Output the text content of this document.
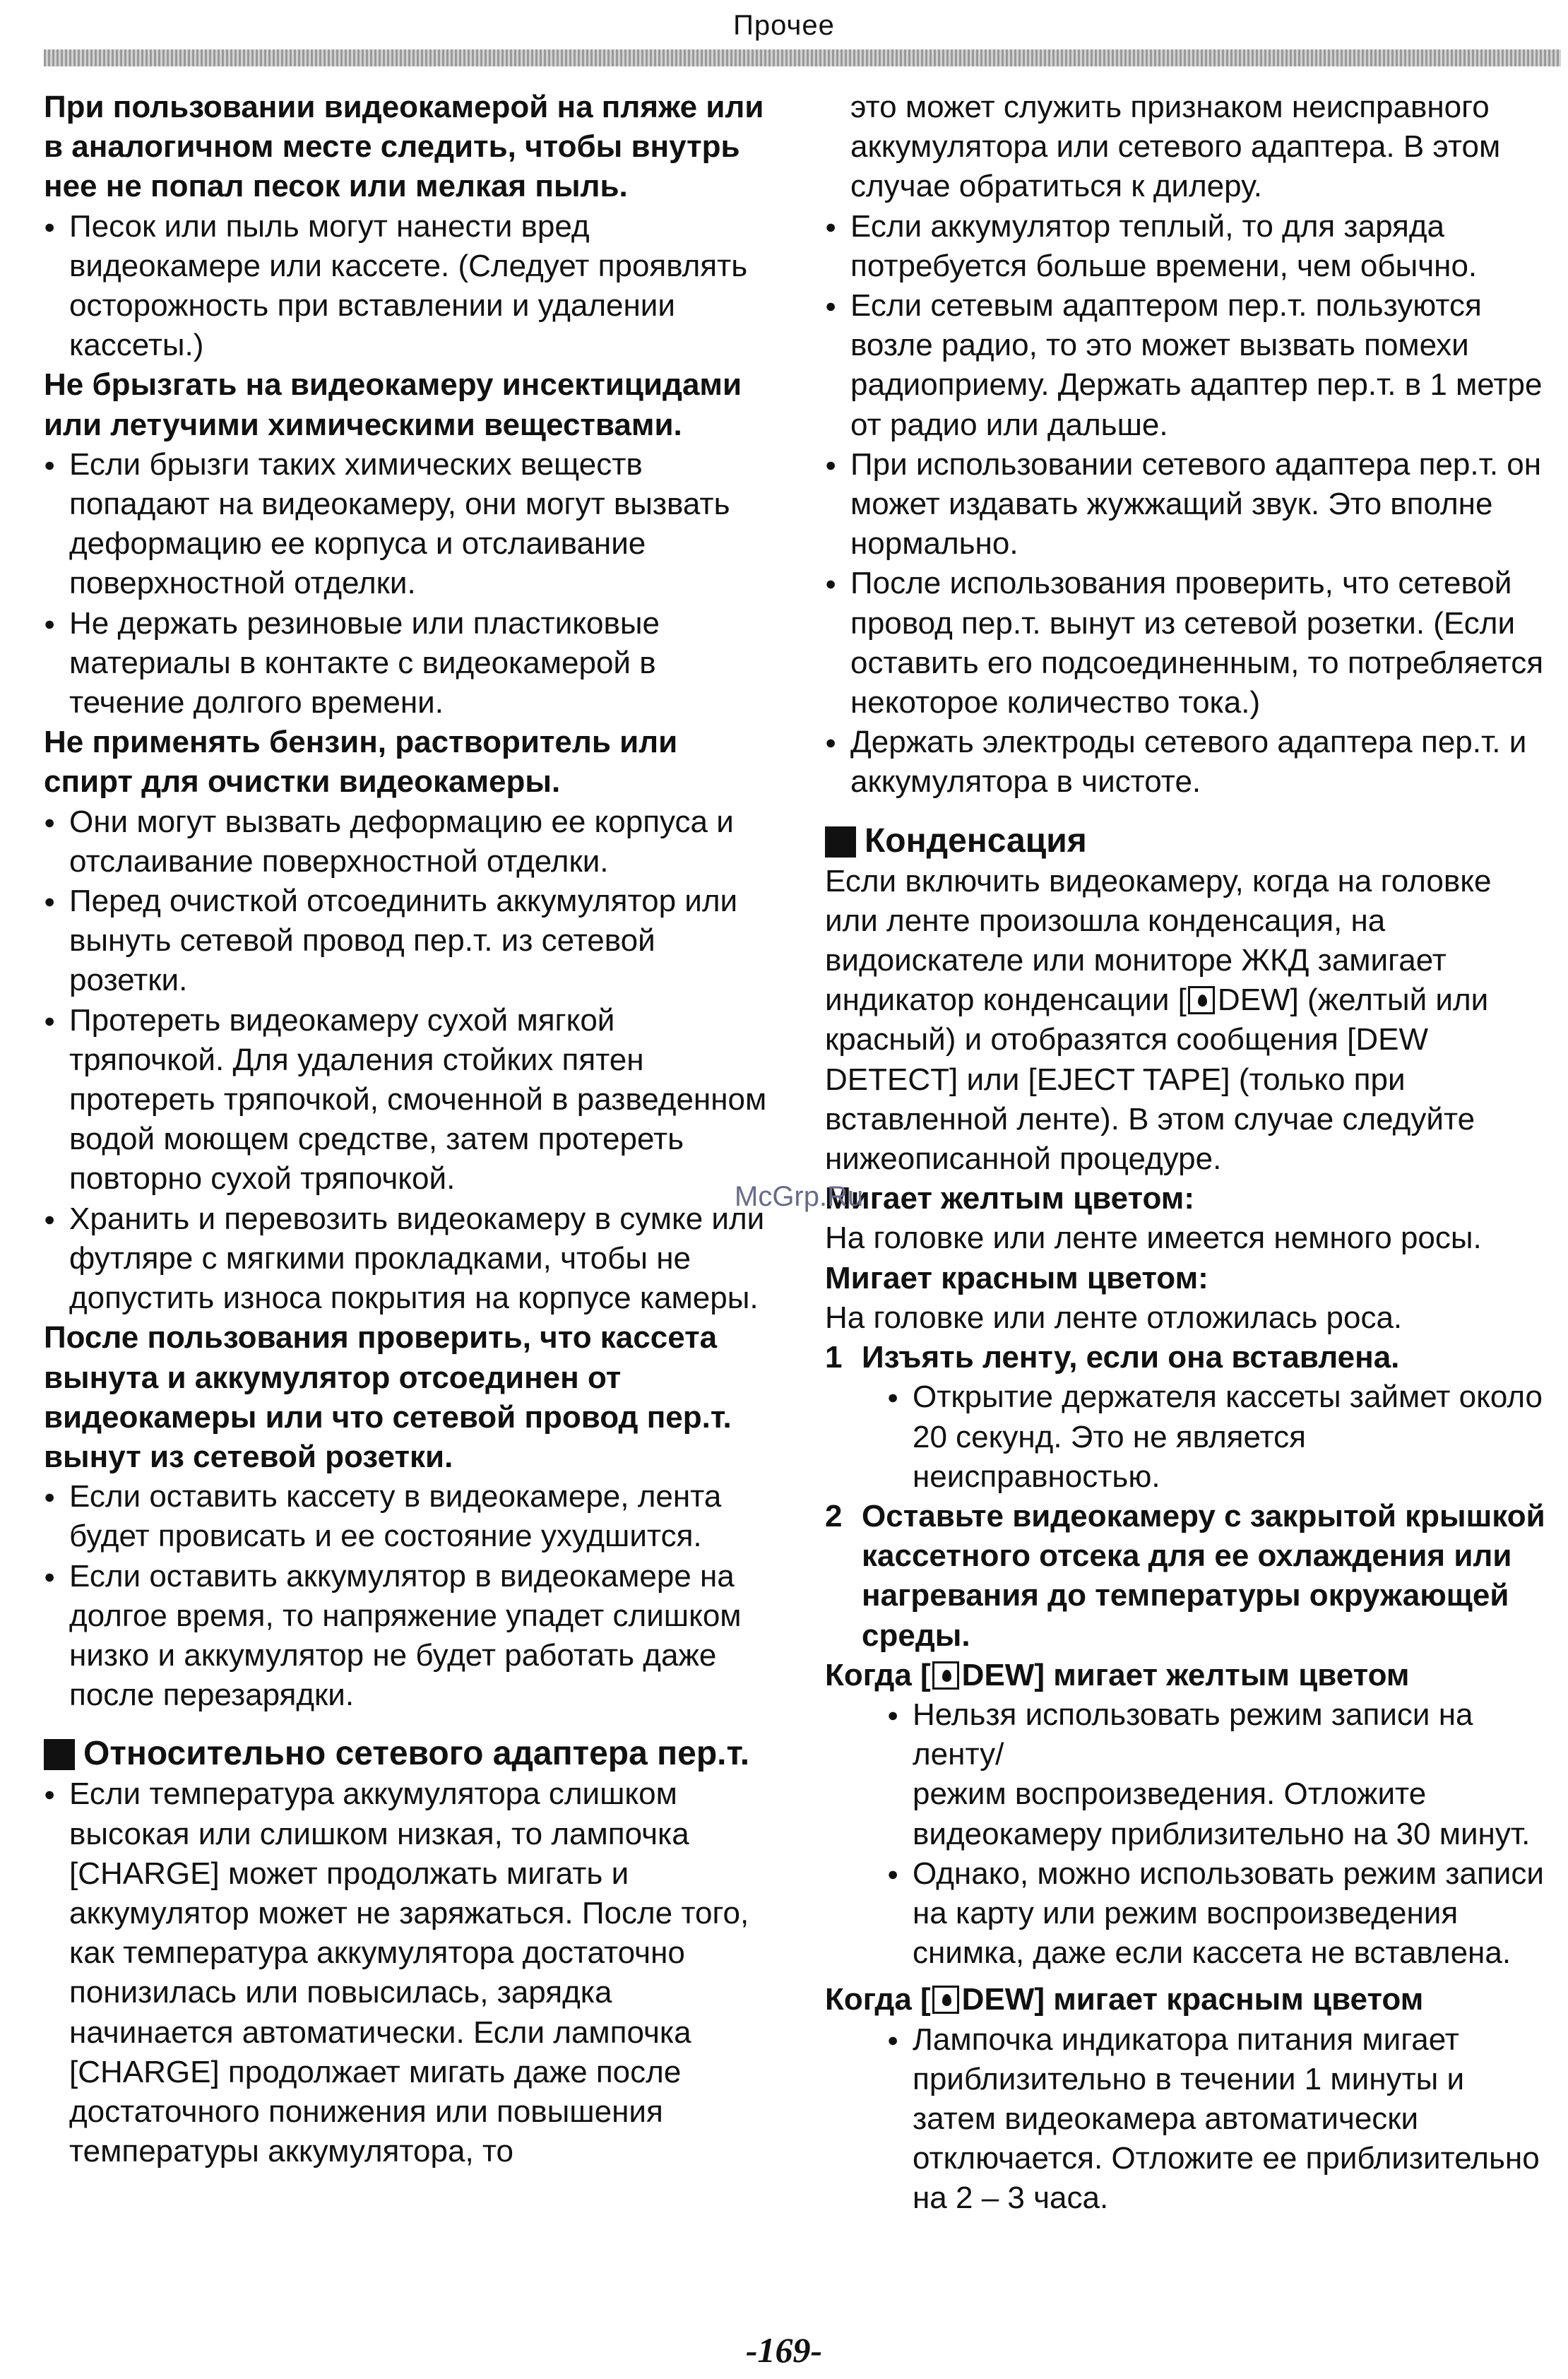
Прочее

При пользовании видеокамерой на пляже или в аналогичном месте следить, чтобы внутрь нее не попал песок или мелкая пыль.

● Песок или пыль могут нанести вред видеокамере или кассете. (Следует проявлять осторожность при вставлении и удалении кассеты.)

Не брызгать на видеокамеру инсектицидами или летучими химическими веществами.

● Если брызги таких химических веществ попадают на видеокамеру, они могут вызвать деформацию ее корпуса и отслаивание поверхностной отделки.

● Не держать резиновые или пластиковые материалы в контакте с видеокамерой в течение долгого времени.

Не применять бензин, растворитель или спирт для очистки видеокамеры.

● Они могут вызвать деформацию ее корпуса и отслаивание поверхностной отделки.

● Перед очисткой отсоединить аккумулятор или вынуть сетевой провод пер.т. из сетевой розетки.

● Протереть видеокамеру сухой мягкой тряпочкой. Для удаления стойких пятен протереть тряпочкой, смоченной в разведенном водой моющем средстве, затем протереть повторно сухой тряпочкой.

● Хранить и перевозить видеокамеру в сумке или футляре с мягкими прокладками, чтобы не допустить износа покрытия на корпусе камеры.

После пользования проверить, что кассета вынута и аккумулятор отсоединен от видеокамеры или что сетевой провод пер.т. вынут из сетевой розетки.

● Если оставить кассету в видеокамере, лента будет провисать и ее состояние ухудшится.

● Если оставить аккумулятор в видеокамере на долгое время, то напряжение упадет слишком низко и аккумулятор не будет работать даже после перезарядки.

Относительно сетевого адаптера пер.т.

● Если температура аккумулятора слишком высокая или слишком низкая, то лампочка [CHARGE] может продолжать мигать и аккумулятор может не заряжаться. После того, как температура аккумулятора достаточно понизилась или повысилась, зарядка начинается автоматически. Если лампочка [CHARGE] продолжает мигать даже после достаточного понижения или повышения температуры аккумулятора, то

это может служить признаком неисправного аккумулятора или сетевого адаптера. В этом случае обратиться к дилеру.

● Если аккумулятор теплый, то для заряда потребуется больше времени, чем обычно.

● Если сетевым адаптером пер.т. пользуются возле радио, то это может вызвать помехи радиоприему. Держать адаптер пер.т. в 1 метре от радио или дальше.

● При использовании сетевого адаптера пер.т. он может издавать жужжащий звук. Это вполне нормально.

● После использования проверить, что сетевой провод пер.т. вынут из сетевой розетки. (Если оставить его подсоединенным, то потребляется некоторое количество тока.)

● Держать электроды сетевого адаптера пер.т. и аккумулятора в чистоте.

Конденсация

Если включить видеокамеру, когда на головке или ленте произошла конденсация, на видоискателе или мониторе ЖКД замигает индикатор конденсации [ DEW] (желтый или красный) и отобразятся сообщения [DEW DETECT] или [EJECT TAPE] (только при вставленной ленте). В этом случае следуйте нижеописанной процедуре.

Мигает желтым цветом:

На головке или ленте имеется немного росы.

Мигает красным цветом:

На головке или ленте отложилась роса.

1 Изъять ленту, если она вставлена.

● Открытие держателя кассеты займет около 20 секунд. Это не является неисправностью.

2 Оставьте видеокамеру с закрытой крышкой кассетного отсека для ее охлаждения или нагревания до температуры окружающей среды.

Когда [ DEW] мигает желтым цветом

● Нельзя использовать режим записи на ленту/

режим воспроизведения. Отложите видеокамеру приблизительно на 30 минут.

● Однако, можно использовать режим записи на карту или режим воспроизведения снимка, даже если кассета не вставлена.

Когда [ DEW] мигает красным цветом

● Лампочка индикатора питания мигает приблизительно в течении 1 минуты и затем видеокамера автоматически отключается. Отложите ее приблизительно на 2 – 3 часа.

McGrp.Ru
-169-
